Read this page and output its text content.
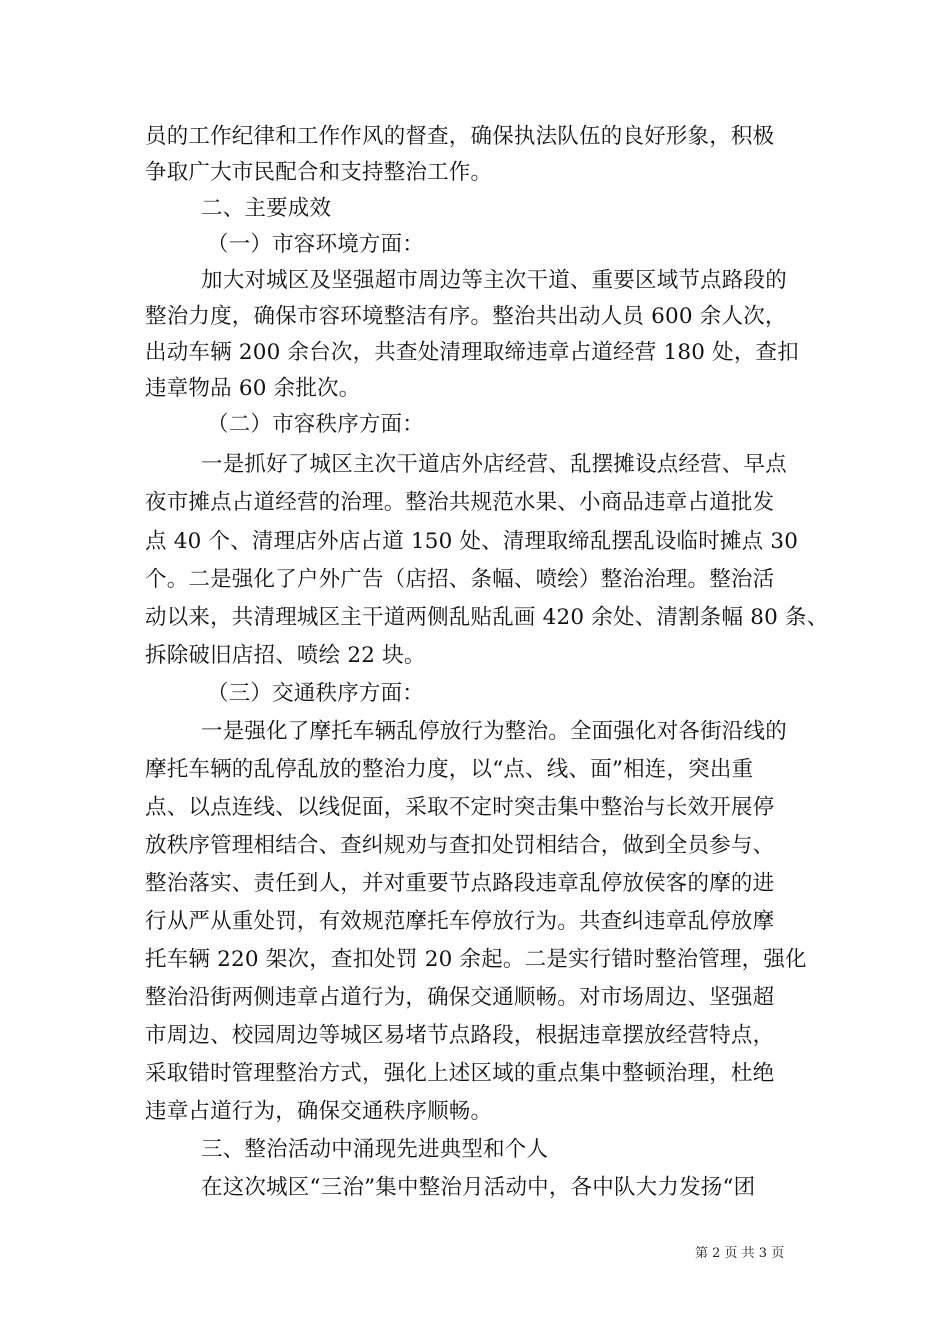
员的工作纪律和工作作风的督查，确保执法队伍的良好形象，积极
争取广大市民配合和支持整治工作。
二、主要成效
（一）市容环境方面：
加大对城区及坚强超市周边等主次干道、重要区域节点路段的
整治力度，确保市容环境整洁有序。整治共出动人员 600 余人次，
出动车辆 200 余台次，共查处清理取缔违章占道经营 180 处，查扣
违章物品 60 余批次。
（二）市容秩序方面：
一是抓好了城区主次干道店外店经营、乱摆摊设点经营、早点
夜市摊点占道经营的治理。整治共规范水果、小商品违章占道批发
点 40 个、清理店外店占道 150 处、清理取缔乱摆乱设临时摊点 30
个。二是强化了户外广告（店招、条幅、喷绘）整治治理。整治活
动以来，共清理城区主干道两侧乱贴乱画 420 余处、清割条幅 80 条、
拆除破旧店招、喷绘 22 块。
（三）交通秩序方面：
一是强化了摩托车辆乱停放行为整治。全面强化对各街沿线的
摩托车辆的乱停乱放的整治力度，以“点、线、面”相连，突出重
点、以点连线、以线促面，采取不定时突击集中整治与长效开展停
放秩序管理相结合、查纠规劝与查扣处罚相结合，做到全员参与、
整治落实、责任到人，并对重要节点路段违章乱停放侯客的摩的进
行从严从重处罚，有效规范摩托车停放行为。共查纠违章乱停放摩
托车辆 220 架次，查扣处罚 20 余起。二是实行错时整治管理，强化
整治沿街两侧违章占道行为，确保交通顺畅。对市场周边、坚强超
市周边、校园周边等城区易堵节点路段，根据违章摆放经营特点，
采取错时管理整治方式，强化上述区域的重点集中整顿治理，杜绝
违章占道行为，确保交通秩序顺畅。
三、整治活动中涌现先进典型和个人
在这次城区“三治”集中整治月活动中，各中队大力发扬“团
第 2 页 共 3 页
